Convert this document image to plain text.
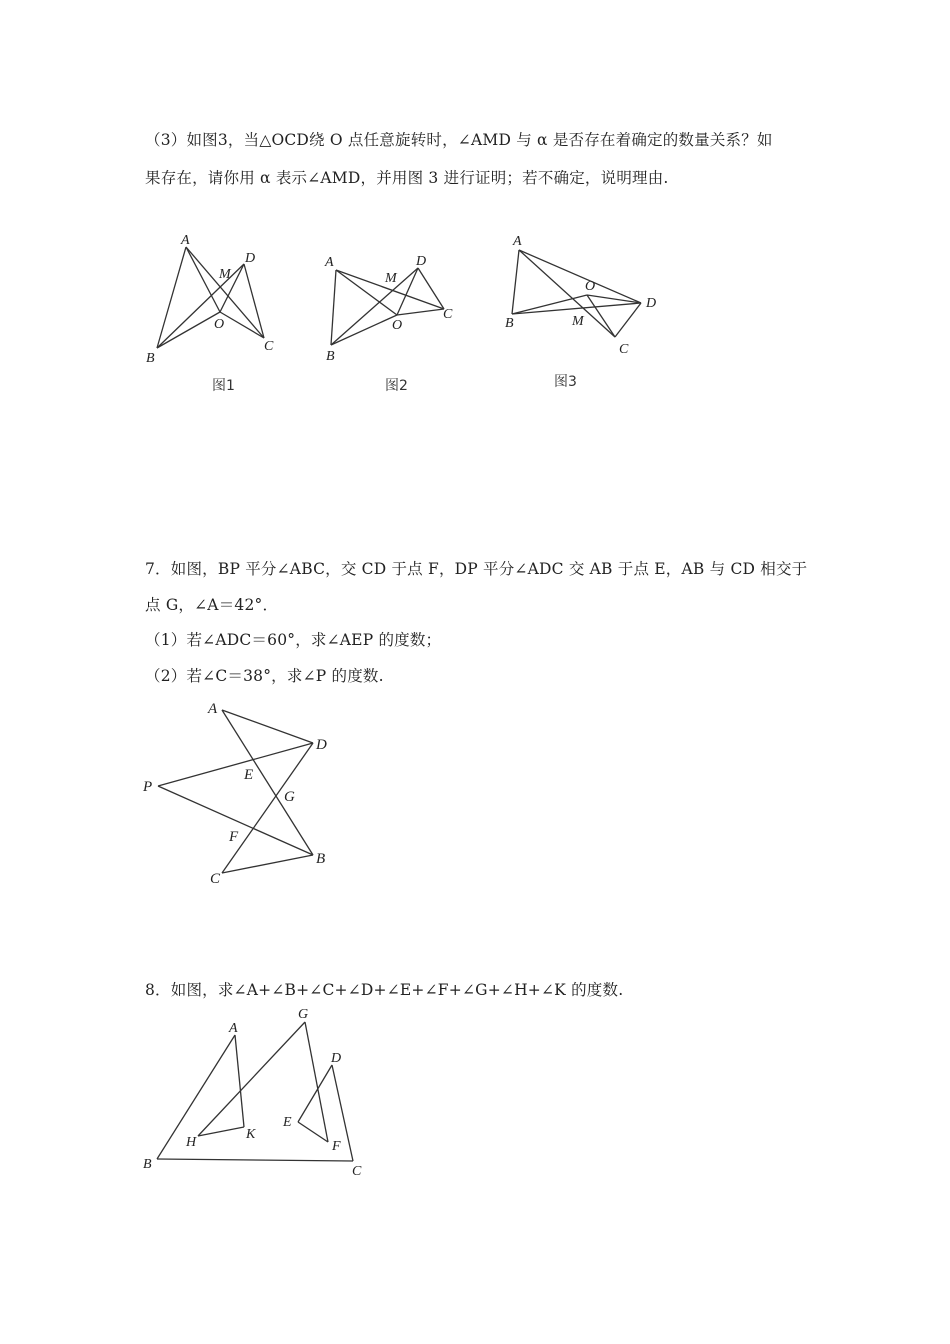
（3）如图3，当△OCD绕 O 点任意旋转时，∠AMD 与 α 是否存在着确定的数量关系？如
果存在，请你用 α 表示∠AMD，并用图 3 进行证明；若不确定，说明理由.
A
B
C
D
M
O
A
B
C
D
M
O
A
B
C
D
M
O
图1	图2	图3
7．如图，BP 平分∠ABC，交 CD 于点 F，DP 平分∠ADC 交 AB 于点 E，AB 与 CD 相交于
点 G，∠A＝42°．
（1）若∠ADC＝60°，求∠AEP 的度数；
（2）若∠C＝38°，求∠P 的度数.
A
D
P
E
G
F
B
C
8．如图，求∠A+∠B+∠C+∠D+∠E+∠F+∠G+∠H+∠K 的度数.
A
G
D
E
H
K
F
B	C
